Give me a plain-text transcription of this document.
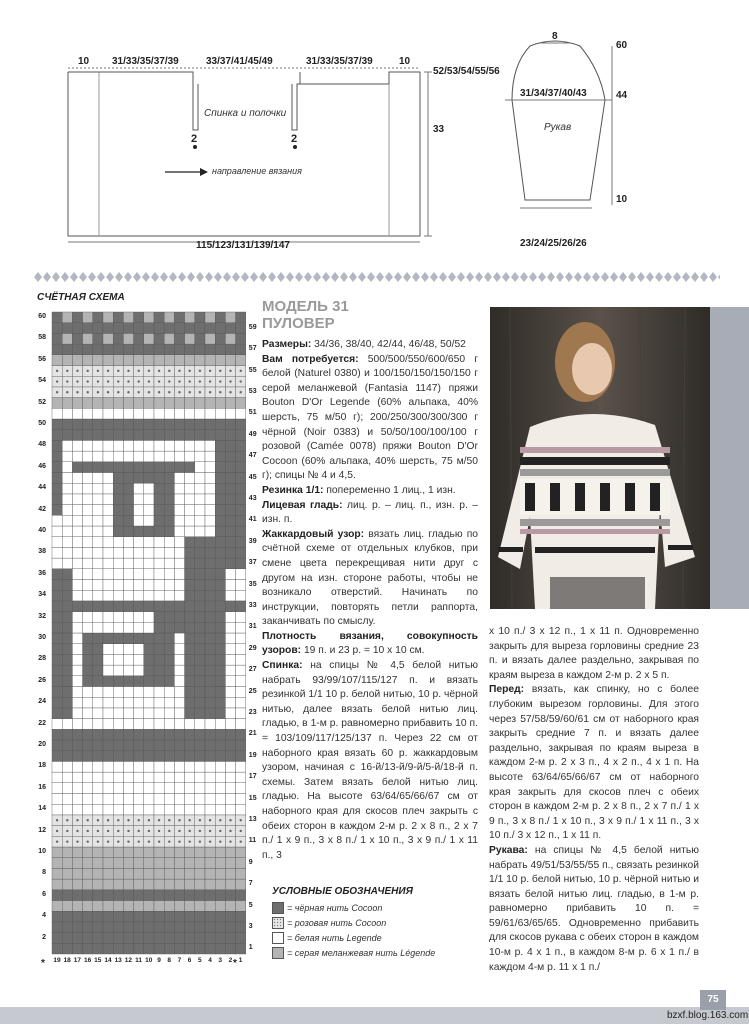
10 31/33/35/37/39	33/37/41/45/49	31/33/35/37/39	10
Спинка и полочки
52/53/54/55/56
33
2	2
направление вязания
115/123/131/139/147
8
60
31/34/37/40/43	44
Рукав
10
23/24/25/26/26
СЧЁТНАЯ СХЕМА
60
58
56
54
52
50
48
46
44
42
40
38
36
34
32
30
28
26
24
22
20
18
16
14
12
10
8
6
4
2
59
57
55
53
51
49
47
45
43
41
39
37
35
33
31
29
27
25
23
21
19
17
15
13
11
9
7
5
3
1
19 18 17 16 15 14 13 12 11 10 9	8	7	6	5	4	3	2	1
*	*
УСЛОВНЫЕ ОБОЗНАЧЕНИЯ
= чёрная нить Cocoon
= розовая нить Cocoon
= белая нить Legende
= серая меланжевая нить Légende
МОДЕЛЬ 31
ПУЛОВЕР

Размеры: 34/36, 38/40, 42/44, 46/48, 50/52

Вам потребуется: 500/500/550/600/650 г белой (Naturel 0380) и 100/150/150/150/150 г серой меланжевой (Fantasia 1147) пряжи Bouton D'Or Legende (60% альпака, 40% шерсть, 75 м/50 г); 200/250/300/300/300 г чёрной (Noir 0383) и 50/50/100/100/100 г розовой (Camée 0078) пряжи Bouton D'Or Cocoon (60% альпака, 40% шерсть, 75 м/50 г); спицы № 4 и 4,5.

Резинка 1/1: попеременно 1 лиц., 1 изн.

Лицевая гладь: лиц. р. – лиц. п., изн. р. – изн. п.

Жаккардовый узор: вязать лиц. гладью по счётной схеме от отдельных клубков, при смене цвета перекрещивая нити друг с другом на изн. стороне работы, чтобы не возникало отверстий. Начинать по инструкции, повторять петли раппорта, заканчивать по смыслу.

Плотность вязания, совокупность узоров: 19 п. и 23 р. = 10 х 10 см.

Спинка: на спицы № 4,5 белой нитью набрать 93/99/107/115/127 п. и вязать резинкой 1/1 10 р. белой нитью, 10 р. чёрной нитью, далее вязать белой нитью лиц. гладью, в 1-м р. равномерно прибавить 10 п. = 103/109/117/125/137 п. Через 22 см от наборного края вязать 60 р. жаккардовым узором, начиная с 16-й/13-й/9-й/5-й/18-й п. схемы. Затем вязать белой нитью лиц. гладью. На высоте 63/64/65/66/67 см от наборного края для скосов плеч закрыть с обеих сторон в каждом 2-м р. 2 х 8 п., 2 х 7 п./ 1 х 9 п., 3 х 8 п./ 1 х 10 п., 3 х 9 п./ 1 х 11 п., 3

х 10 п./ 3 х 12 п., 1 х 11 п. Одновременно закрыть для выреза горловины средние 23 п. и вязать далее раздельно, закрывая по краям выреза в каждом 2-м р. 2 х 5 п.

Перед: вязать, как спинку, но с более глубоким вырезом горловины. Для этого через 57/58/59/60/61 см от наборного края закрыть средние 7 п. и вязать далее раздельно, закрывая по краям выреза в каждом 2-м р. 2 х 3 п., 4 х 2 п., 4 х 1 п. На высоте 63/64/65/66/67 см от наборного края закрыть для скосов плеч с обеих сторон в каждом 2-м р. 2 х 8 п., 2 х 7 п./ 1 х 9 п., 3 х 8 п./ 1 х 10 п., 3 х 9 п./ 1 х 11 п., 3 х 10 п./ 3 х 12 п., 1 х 11 п.

Рукава: на спицы № 4,5 белой нитью набрать 49/51/53/55/55 п., связать резинкой 1/1 10 р. белой нитью, 10 р. чёрной нитью и вязать белой нитью лиц. гладью, в 1-м р. равномерно прибавить 10 п. = 59/61/63/65/65. Одновременно прибавить для скосов рукава с обеих сторон в каждом 10-м р. 4 х 1 п., в каждом 8-м р. 6 х 1 п./ в каждом 4-м р. 11 х 1 п./

75
bzxf.blog.163.com
